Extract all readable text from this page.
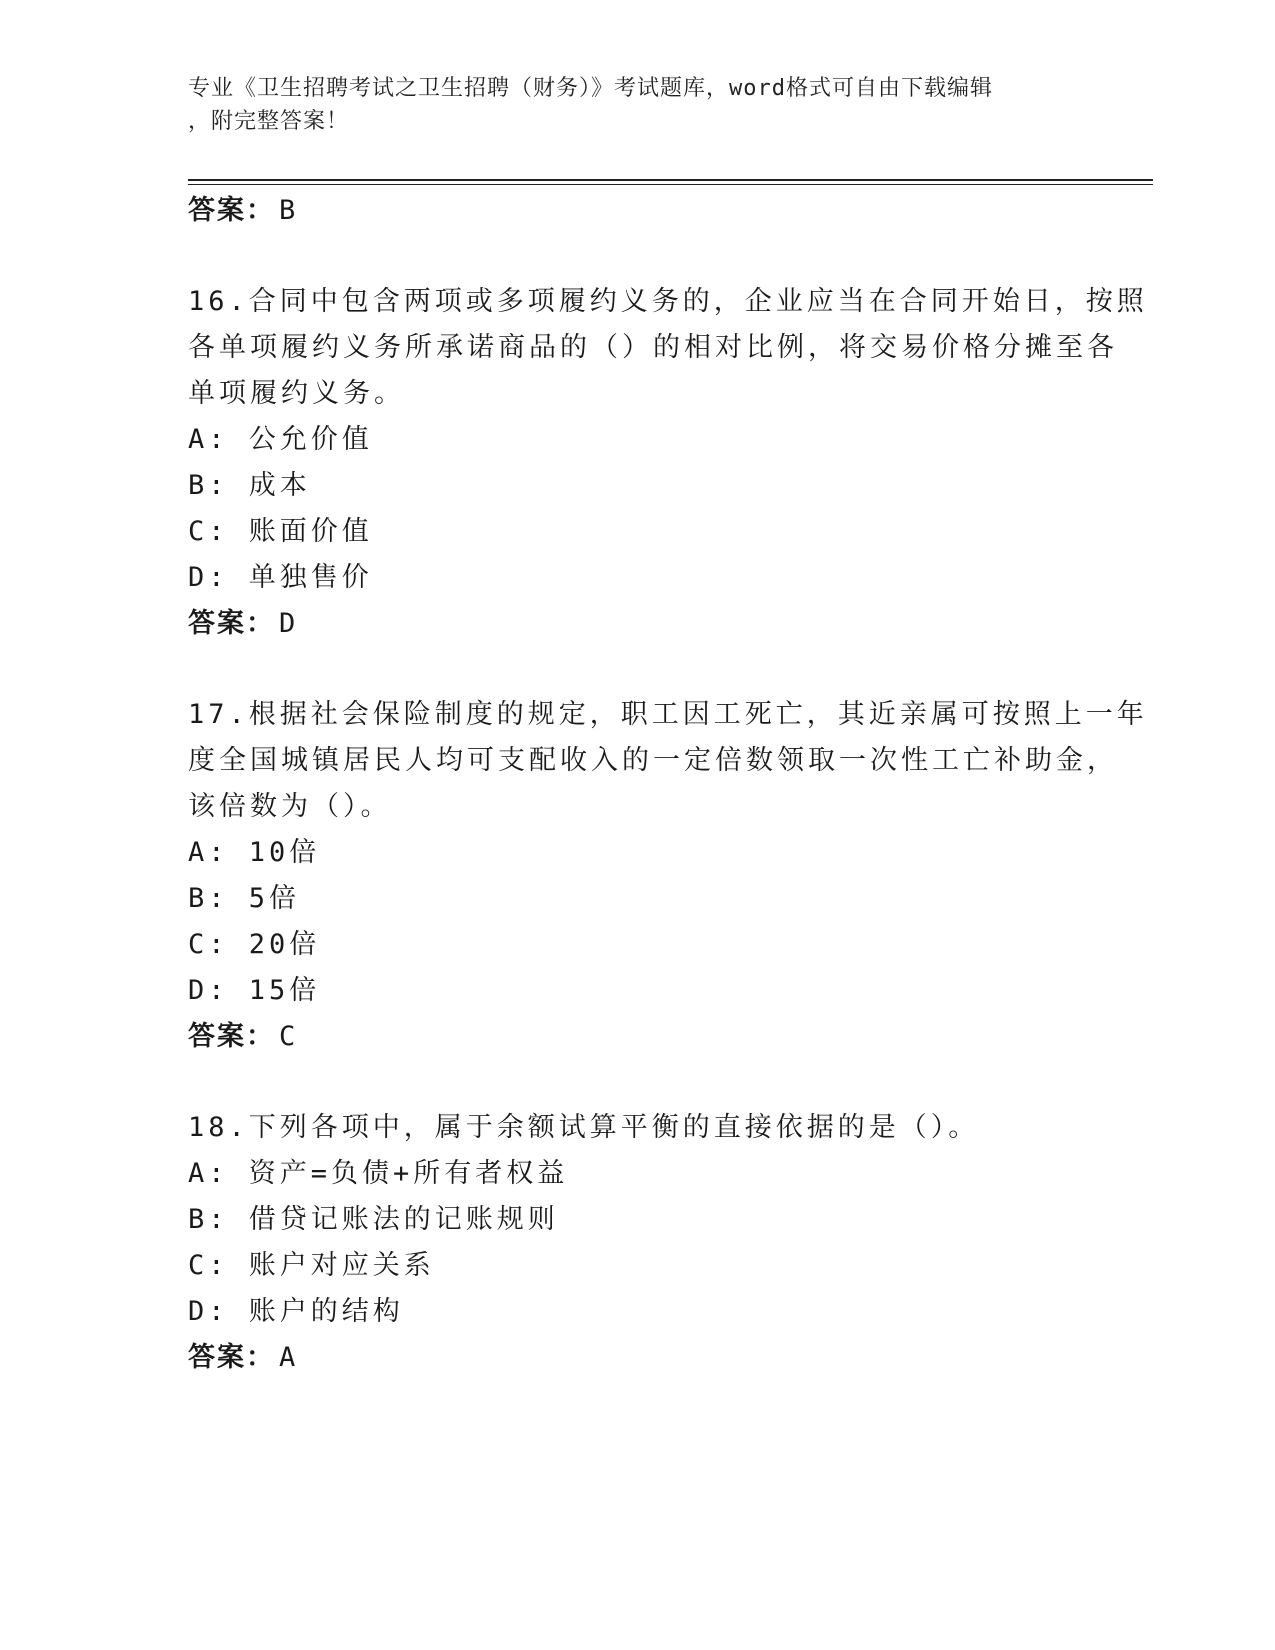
专业《卫生招聘考试之卫生招聘（财务）》考试题库，word格式可自由下载编辑
，附完整答案！
答案： B
16.合同中包含两项或多项履约义务的，企业应当在合同开始日，按照
各单项履约义务所承诺商品的（）的相对比例，将交易价格分摊至各
单项履约义务。
A: 公允价值
B: 成本
C: 账面价值
D: 单独售价
答案： D
17.根据社会保险制度的规定，职工因工死亡，其近亲属可按照上一年
度全国城镇居民人均可支配收入的一定倍数领取一次性工亡补助金，
该倍数为（）。
A: 10倍
B: 5倍
C: 20倍
D: 15倍
答案： C
18.下列各项中，属于余额试算平衡的直接依据的是（）。
A: 资产=负债+所有者权益
B: 借贷记账法的记账规则
C: 账户对应关系
D: 账户的结构
答案： A
